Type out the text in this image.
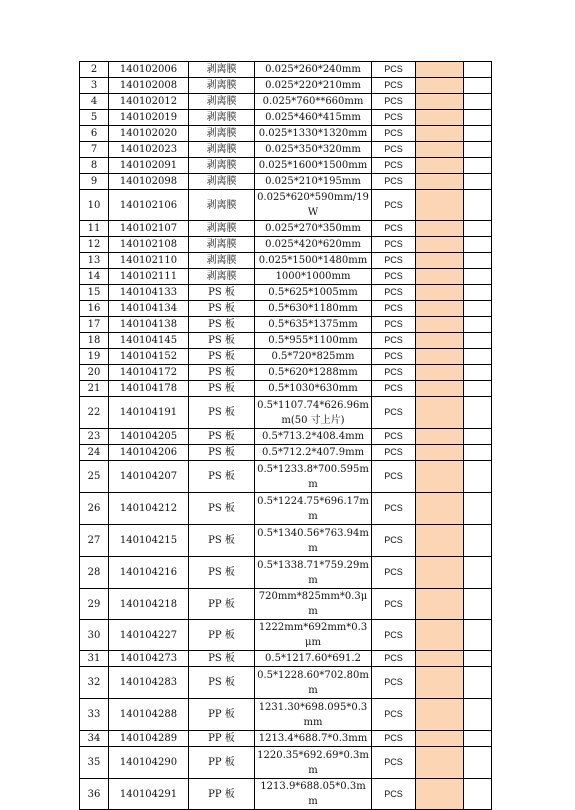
2	140102006	剥离膜	0.025*260*240mm	PCS		
3	140102008	剥离膜	0.025*220*210mm	PCS		
4	140102012	剥离膜	0.025*760**660mm	PCS		
5	140102019	剥离膜	0.025*460*415mm	PCS		
6	140102020	剥离膜	0.025*1330*1320mm	PCS		
7	140102023	剥离膜	0.025*350*320mm	PCS		
8	140102091	剥离膜	0.025*1600*1500mm	PCS		
9	140102098	剥离膜	0.025*210*195mm	PCS		
10	140102106	剥离膜	0.025*620*590mm/19W	PCS		
11	140102107	剥离膜	0.025*270*350mm	PCS		
12	140102108	剥离膜	0.025*420*620mm	PCS		
13	140102110	剥离膜	0.025*1500*1480mm	PCS		
14	140102111	剥离膜	1000*1000mm	PCS		
15	140104133	PS 板	0.5*625*1005mm	PCS		
16	140104134	PS 板	0.5*630*1180mm	PCS		
17	140104138	PS 板	0.5*635*1375mm	PCS		
18	140104145	PS 板	0.5*955*1100mm	PCS		
19	140104152	PS 板	0.5*720*825mm	PCS		
20	140104172	PS 板	0.5*620*1288mm	PCS		
21	140104178	PS 板	0.5*1030*630mm	PCS		
22	140104191	PS 板	0.5*1107.74*626.96mm(50 寸上片)	PCS		
23	140104205	PS 板	0.5*713.2*408.4mm	PCS		
24	140104206	PS 板	0.5*712.2*407.9mm	PCS		
25	140104207	PS 板	0.5*1233.8*700.595mm	PCS		
26	140104212	PS 板	0.5*1224.75*696.17mm	PCS		
27	140104215	PS 板	0.5*1340.56*763.94mm	PCS		
28	140104216	PS 板	0.5*1338.71*759.29mm	PCS		
29	140104218	PP 板	720mm*825mm*0.3μm	PCS		
30	140104227	PP 板	1222mm*692mm*0.3μm	PCS		
31	140104273	PS 板	0.5*1217.60*691.2	PCS		
32	140104283	PS 板	0.5*1228.60*702.80mm	PCS		
33	140104288	PP 板	1231.30*698.095*0.3mm	PCS		
34	140104289	PP 板	1213.4*688.7*0.3mm	PCS		
35	140104290	PP 板	1220.35*692.69*0.3mm	PCS		
36	140104291	PP 板	1213.9*688.05*0.3mm	PCS		
